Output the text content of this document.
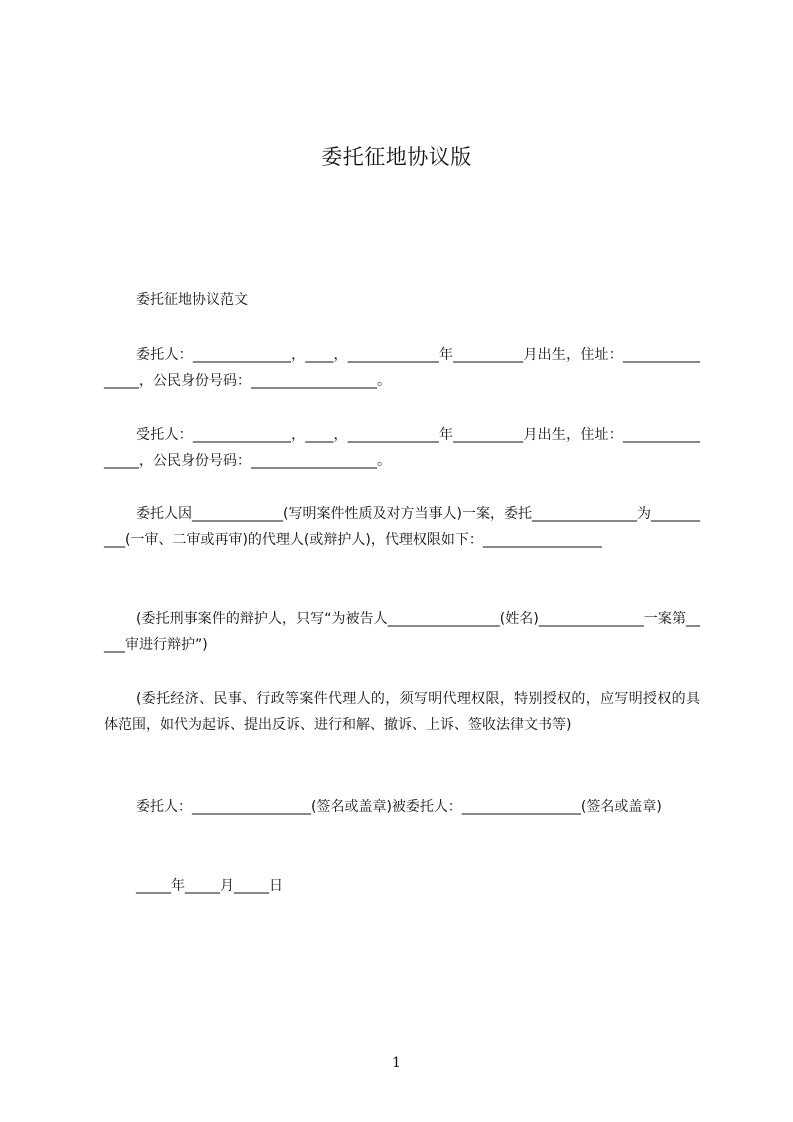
委托征地协议版
委托征地协议范文
委托人：______________，____，_____________年__________月出生，住址：________________，公民身份号码：__________________。
受托人：______________，____，_____________年__________月出生，住址：________________，公民身份号码：__________________。
委托人因_____________(写明案件性质及对方当事人)一案，委托_______________为__________(一审、二审或再审)的代理人(或辩护人)，代理权限如下：_________________
(委托刑事案件的辩护人，只写“为被告人________________(姓名)_______________一案第_____审进行辩护”)
(委托经济、民事、行政等案件代理人的，须写明代理权限，特别授权的，应写明授权的具体范围，如代为起诉、提出反诉、进行和解、撤诉、上诉、签收法律文书等)
委托人：_________________(签名或盖章)被委托人：_________________(签名或盖章)
_____年_____月_____日
1
